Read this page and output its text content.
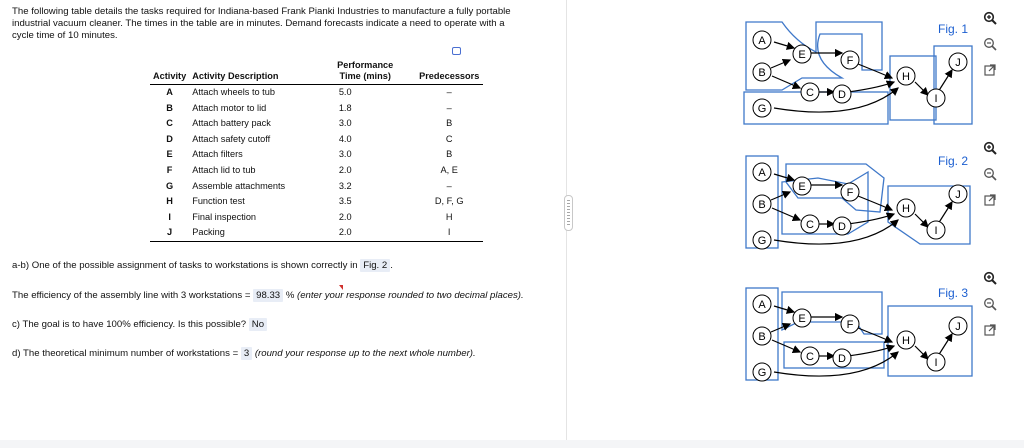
The following table details the tasks required for Indiana-based Frank Pianki Industries to manufacture a fully portable
industrial vacuum cleaner. The times in the table are in minutes. Demand forecasts indicate a need to operate with a
cycle time of 10 minutes.
Activity	Activity Description	Performance
Time (mins)	Predecessors
A	Attach wheels to tub	5.0	–
B	Attach motor to lid	1.8	–
C	Attach battery pack	3.0	B
D	Attach safety cutoff	4.0	C
E	Attach filters	3.0	B
F	Attach lid to tub	2.0	A, E
G	Assemble attachments	3.2	–
H	Function test	3.5	D, F, G
I	Final inspection	2.0	H
J	Packing	2.0	I
a-b) One of the possible assignment of tasks to workstations is shown correctly in Fig. 2 .
The efficiency of the assembly line with 3 workstations = 98.33 % (enter your response rounded to two decimal places).
c) The goal is to have 100% efficiency. Is this possible? No
d) The theoretical minimum number of workstations = 3 (round your response up to the next whole number).
A
B
C D
E	F
G
H
I
J
Fig. 1
A
B
C D
E	F
G
H
I
J
Fig. 2
A
B
C D
E	F
G
H
I
J
Fig. 3
